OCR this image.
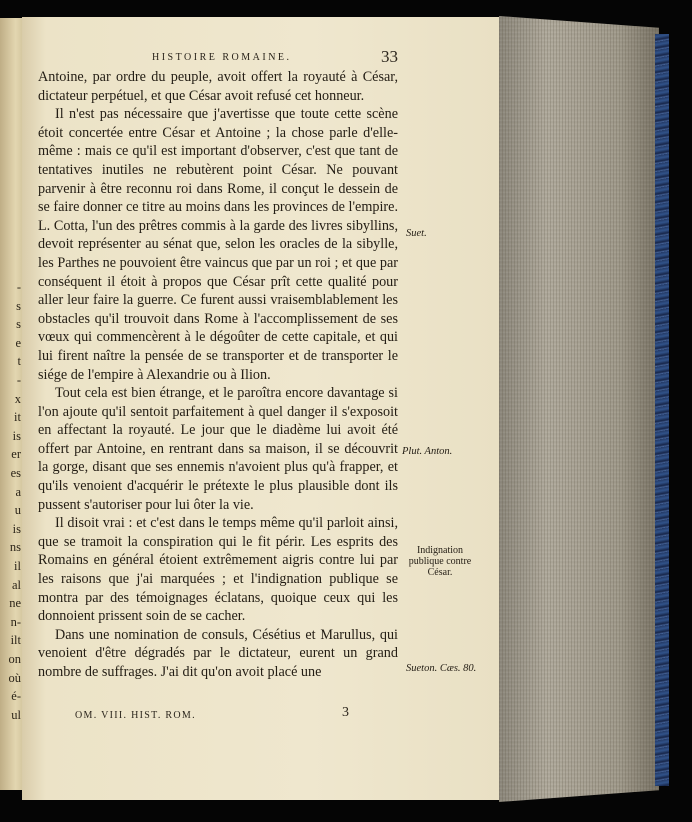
-
s
s
e
t
-
x
it
is
er
es
a
u
is
ns
il
al
ne
n-
ilt
on
où
é-
ul
HISTOIRE ROMAINE.	33

Antoine, par ordre du peuple, avoit offert la royauté à César, dictateur perpétuel, et que César avoit refusé cet honneur.

Il n'est pas nécessaire que j'avertisse que toute cette scène étoit concertée entre César et Antoine ; la chose parle d'elle-même : mais ce qu'il est important d'observer, c'est que tant de tentatives inutiles ne rebutèrent point César. Ne pouvant parvenir à être reconnu roi dans Rome, il conçut le dessein de se faire donner ce titre au moins dans les provinces de l'empire. L. Cotta, l'un des prêtres commis à la garde des livres sibyllins, devoit représenter au sénat que, selon les oracles de la sibylle, les Parthes ne pouvoient être vaincus que par un roi ; et que par conséquent il étoit à propos que César prît cette qualité pour aller leur faire la guerre. Ce furent aussi vraisemblablement les obstacles qu'il trouvoit dans Rome à l'accomplissement de ses vœux qui commencèrent à le dégoûter de cette capitale, et qui lui firent naître la pensée de se transporter et de transporter le siége de l'empire à Alexandrie ou à Ilion.

Tout cela est bien étrange, et le paroîtra encore davantage si l'on ajoute qu'il sentoit parfaitement à quel danger il s'exposoit en affectant la royauté. Le jour que le diadème lui avoit été offert par Antoine, en rentrant dans sa maison, il se découvrit la gorge, disant que ses ennemis n'avoient plus qu'à frapper, et qu'ils venoient d'acquérir le prétexte le plus plausible dont ils pussent s'autoriser pour lui ôter la vie.

Il disoit vrai : et c'est dans le temps même qu'il parloit ainsi, que se tramoit la conspiration qui le fit périr. Les esprits des Romains en général étoient extrêmement aigris contre lui par les raisons que j'ai marquées ; et l'indignation publique se montra par des témoignages éclatans, quoique ceux qui les donnoient prissent soin de se cacher.

Dans une nomination de consuls, Césétius et Marullus, qui venoient d'être dégradés par le dictateur, eurent un grand nombre de suffrages. J'ai dit qu'on avoit placé une

Suet.
Plut. Anton.
Indignation publique contre César.
Sueton. Cæs. 80.
OM. VIII. HIST. ROM.	3
